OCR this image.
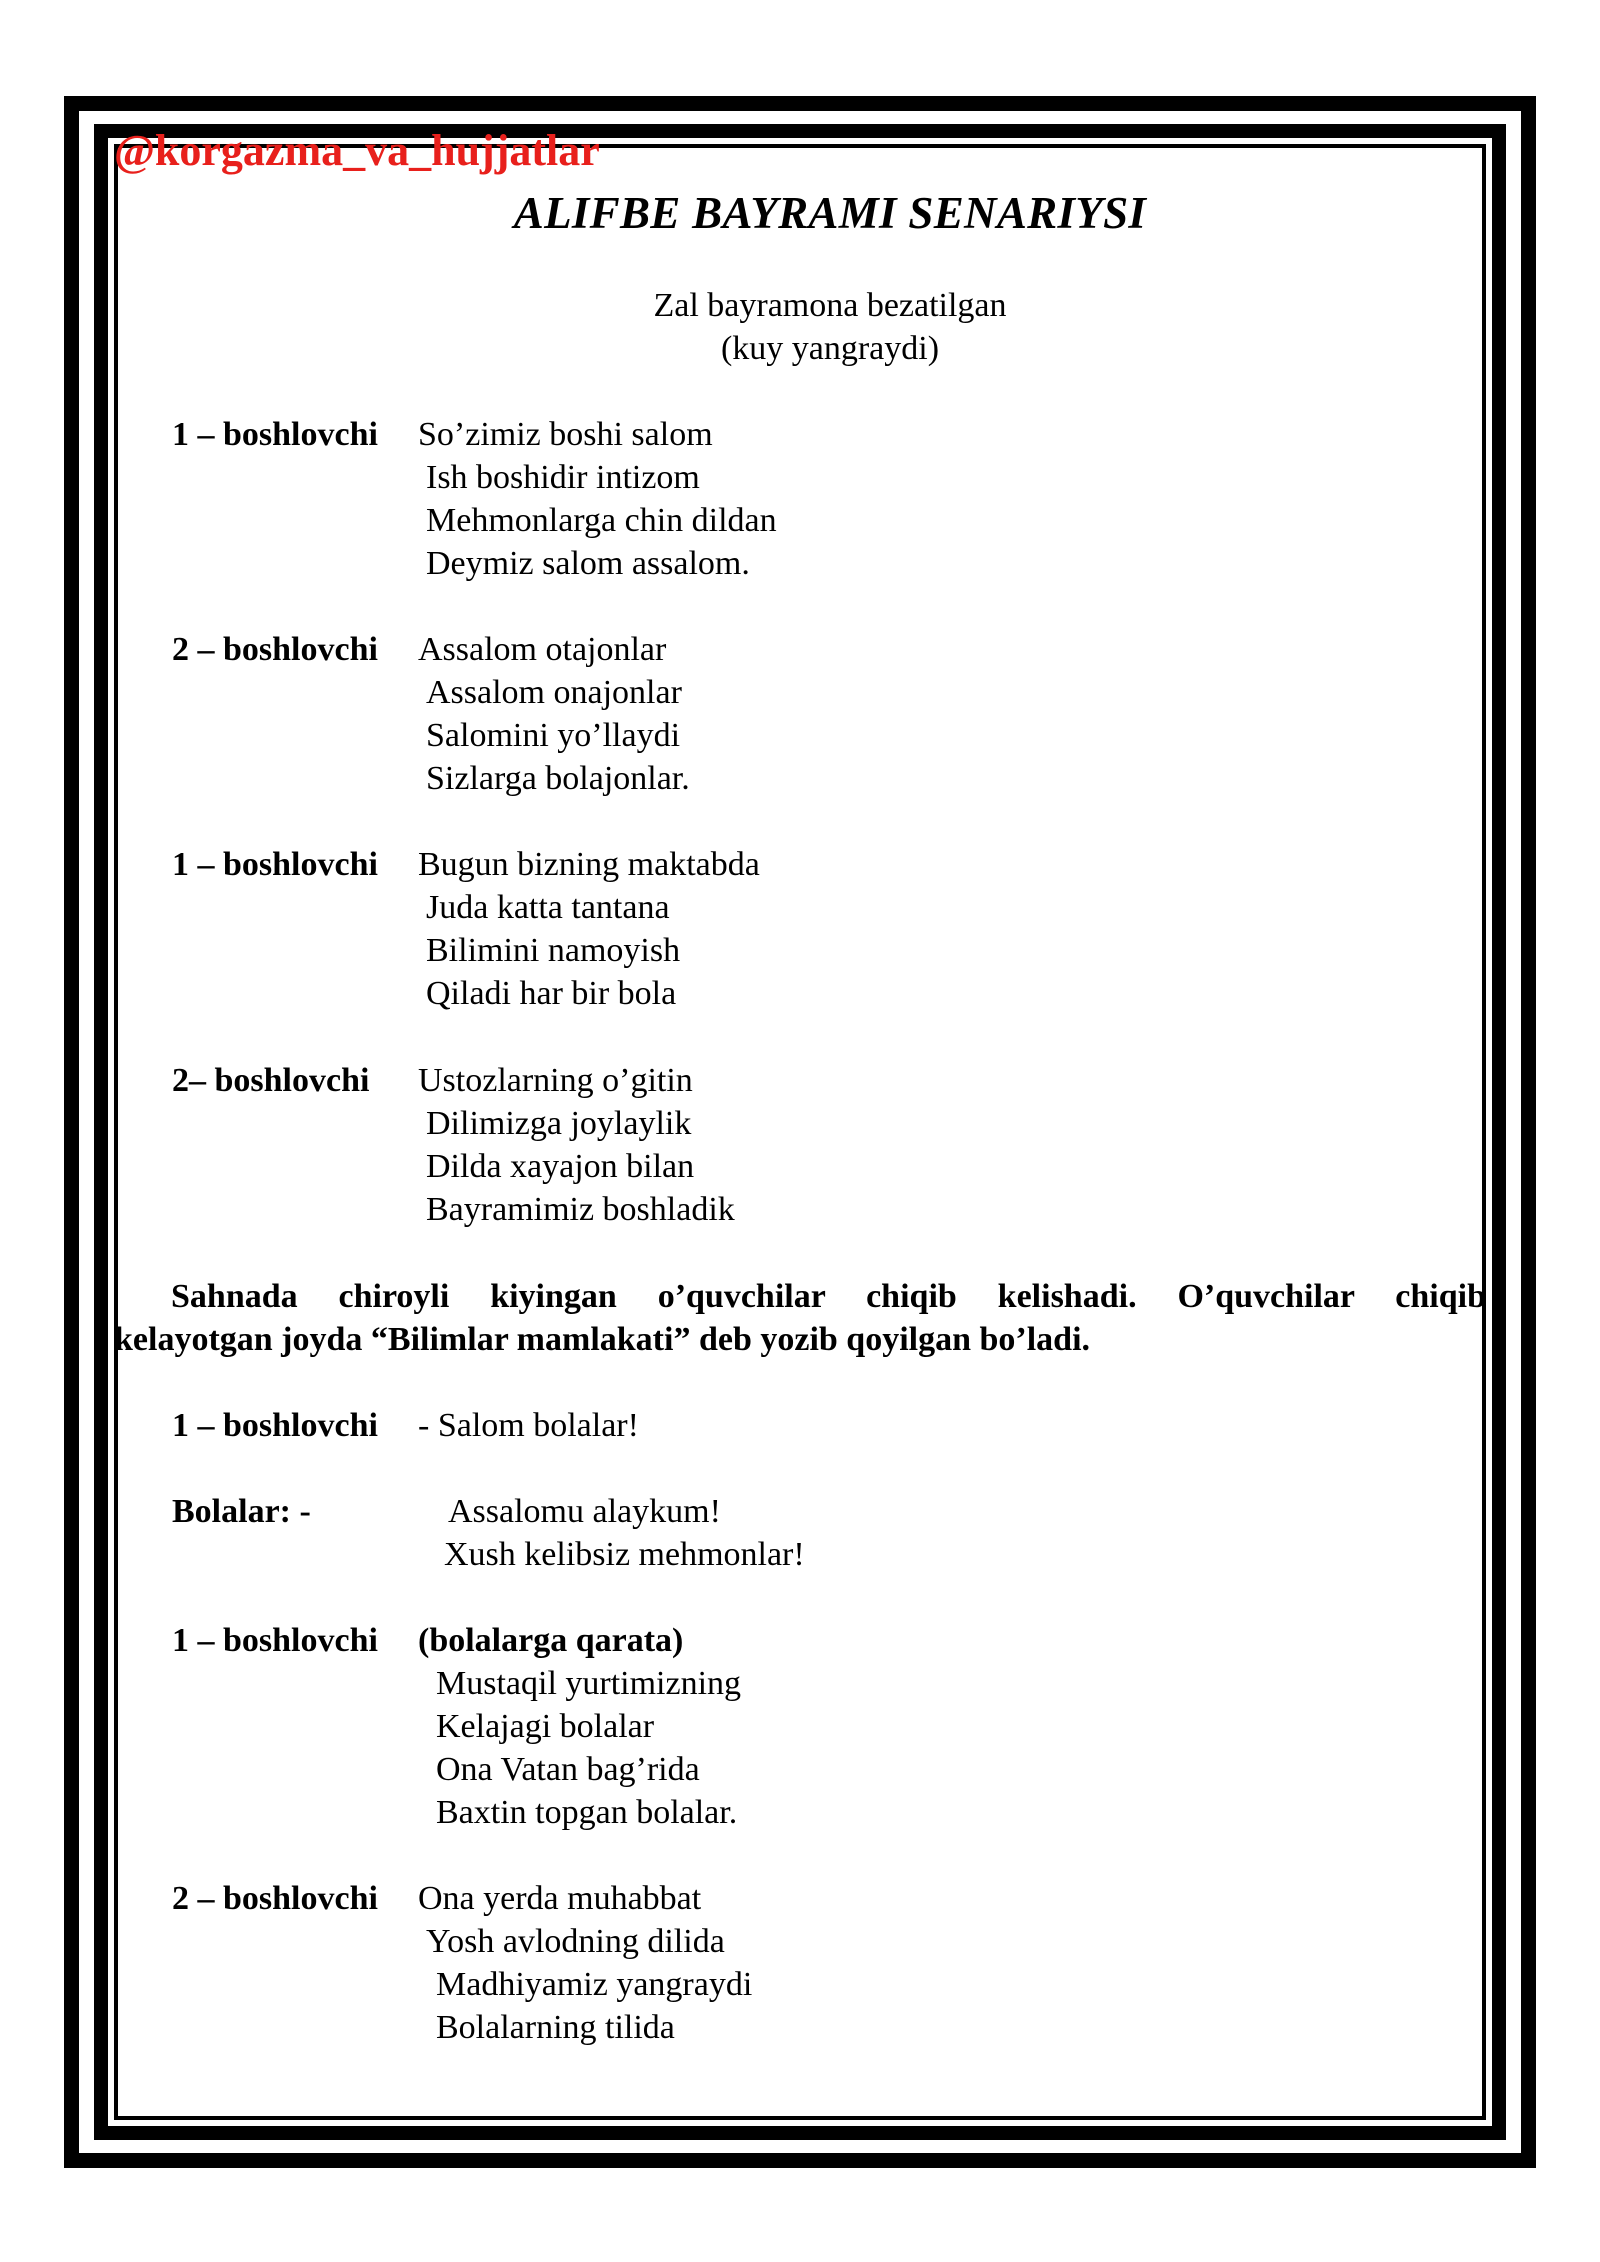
@korgazma_va_hujjatlar
ALIFBE BAYRAMI SENARIYSI
Zal bayramona bezatilgan
(kuy yangraydi)
1 – boshlovchi So’zimiz boshi salom
Ish boshidir intizom
Mehmonlarga chin dildan
Deymiz salom assalom.
2 – boshlovchi Assalom otajonlar
Assalom onajonlar
Salomini yo’llaydi
Sizlarga bolajonlar.
1 – boshlovchi Bugun bizning maktabda
Juda katta tantana
Bilimini namoyish
Qiladi har bir bola
2– boshlovchi Ustozlarning o’gitin
Dilimizga joylaylik
Dilda xayajon bilan
Bayramimiz boshladik
Sahnada chiroyli kiyingan o’quvchilar chiqib kelishadi. O’quvchilar chiqib
kelayotgan joyda “Bilimlar mamlakati” deb yozib qoyilgan bo’ladi.
1 – boshlovchi - Salom bolalar!
Bolalar: -	Assalomu alaykum!
Xush kelibsiz mehmonlar!
1 – boshlovchi (bolalarga qarata)
Mustaqil yurtimizning
Kelajagi bolalar
Ona Vatan bag’rida
Baxtin topgan bolalar.
2 – boshlovchi Ona yerda muhabbat
Yosh avlodning dilida
Madhiyamiz yangraydi
Bolalarning tilida
